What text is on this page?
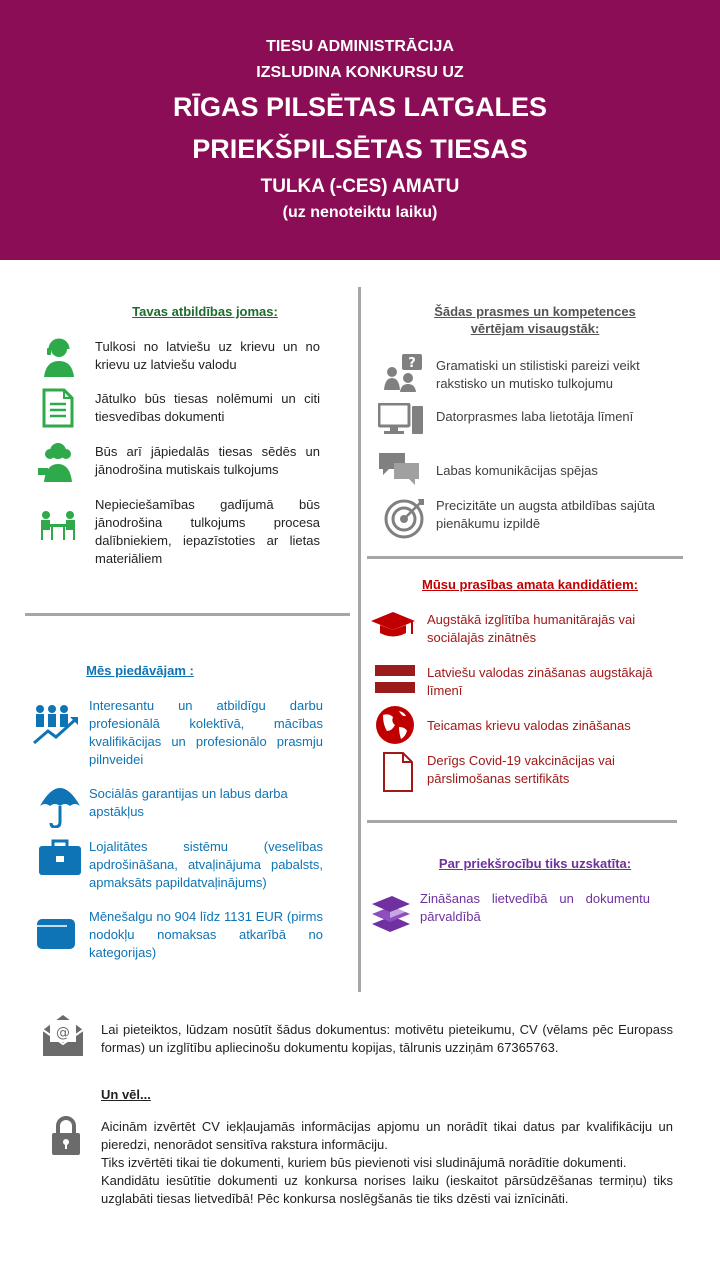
TIESU ADMINISTRĀCIJA
IZSLUDINA KONKURSU UZ
RĪGAS PILSĒTAS LATGALES
PRIEKŠPILSĒTAS TIESAS
TULKA (-CES) AMATU
(uz nenoteiktu laiku)
Tavas atbildības jomas:
Tulkosi no latviešu uz krievu un no krievu uz latviešu valodu
Jātulko būs tiesas nolēmumi un citi tiesvedības dokumenti
Būs arī jāpiedalās tiesas sēdēs un jānodrošina mutiskais tulkojums
Nepieciešamības gadījumā būs jānodrošina tulkojums procesa dalībniekiem, iepazīstoties ar lietas materiāliem
Šādas prasmes un kompetences
vērtējam visaugstāk:
? Gramatiski un stilistiski pareizi veikt rakstisko un mutisko tulkojumu
Datorprasmes laba lietotāja līmenī
Labas komunikācijas spējas
Precizitāte un augsta atbildības sajūta pienākumu izpildē
Mūsu prasības amata kandidātiem:
Augstākā izglītība humanitārajās vai sociālajās zinātnēs
Latviešu valodas zināšanas augstākajā līmenī
Teicamas krievu valodas zināšanas
Derīgs Covid-19 vakcinācijas vai pārslimošanas sertifikāts
Mēs piedāvājam :
Interesantu un atbildīgu darbu profesionālā kolektīvā, mācības kvalifikācijas un profesionālo prasmju pilnveidei
Sociālās garantijas un labus darba apstākļus
Lojalitātes sistēmu (veselības apdrošināšana, atvaļinājuma pabalsts, apmaksāts papildatvaļinājums)
Mēnešalgu no 904 līdz 1131 EUR (pirms nodokļu nomaksas atkarībā no kategorijas)
Par priekšrocību tiks uzskatīta:
Zināšanas lietvedībā un dokumentu pārvaldībā
@ Lai pieteiktos, lūdzam nosūtīt šādus dokumentus: motivētu pieteikumu, CV (vēlams pēc Europass formas) un izglītību apliecinošu dokumentu kopijas, tālrunis uzziņām 67365763.
Un vēl...
Aicinām izvērtēt CV iekļaujamās informācijas apjomu un norādīt tikai datus par kvalifikāciju un pieredzi, nenorādot sensitīva rakstura informāciju.
Tiks izvērtēti tikai tie dokumenti, kuriem būs pievienoti visi sludinājumā norādītie dokumenti.
Kandidātu iesūtītie dokumenti uz konkursa norises laiku (ieskaitot pārsūdzēšanas termiņu) tiks uzglabāti tiesas lietvedībā! Pēc konkursa noslēgšanās tie tiks dzēsti vai iznīcināti.
